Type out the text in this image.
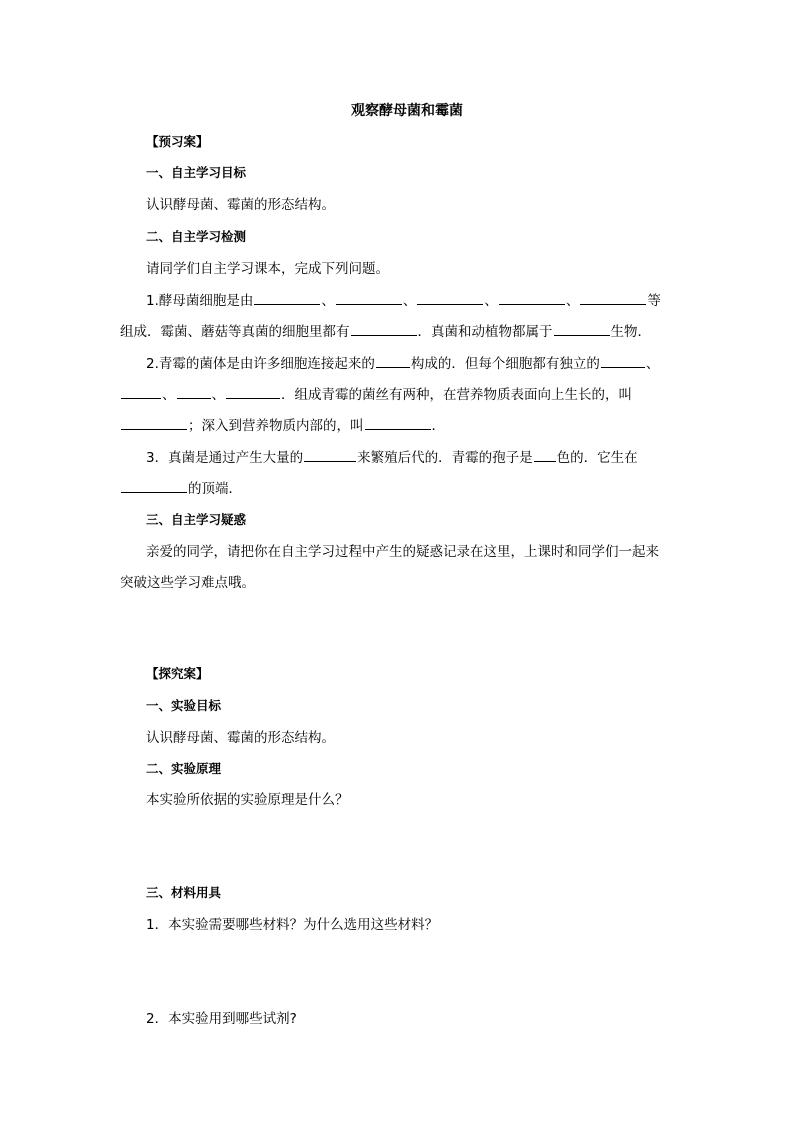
观察酵母菌和霉菌
【预习案】
一、自主学习目标
认识酵母菌、霉菌的形态结构。
二、自主学习检测
请同学们自主学习课本，完成下列问题。
1.酵母菌细胞是由	、	、	、	、	等
组成．霉菌、蘑菇等真菌的细胞里都有	．真菌和动植物都属于	生物．
2.青霉的菌体是由许多细胞连接起来的	构成的．但每个细胞都有独立的	、
、	、	．组成青霉的菌丝有两种，在营养物质表面向上生长的，叫
；深入到营养物质内部的，叫	．
3．真菌是通过产生大量的	来繁殖后代的．青霉的孢子是 色的．它生在
的顶端．
三、自主学习疑惑
亲爱的同学，请把你在自主学习过程中产生的疑惑记录在这里，上课时和同学们一起来
突破这些学习难点哦。
【探究案】
一、实验目标
认识酵母菌、霉菌的形态结构。
二、实验原理
本实验所依据的实验原理是什么？
三、材料用具
1．本实验需要哪些材料？为什么选用这些材料？
2．本实验用到哪些试剂?
